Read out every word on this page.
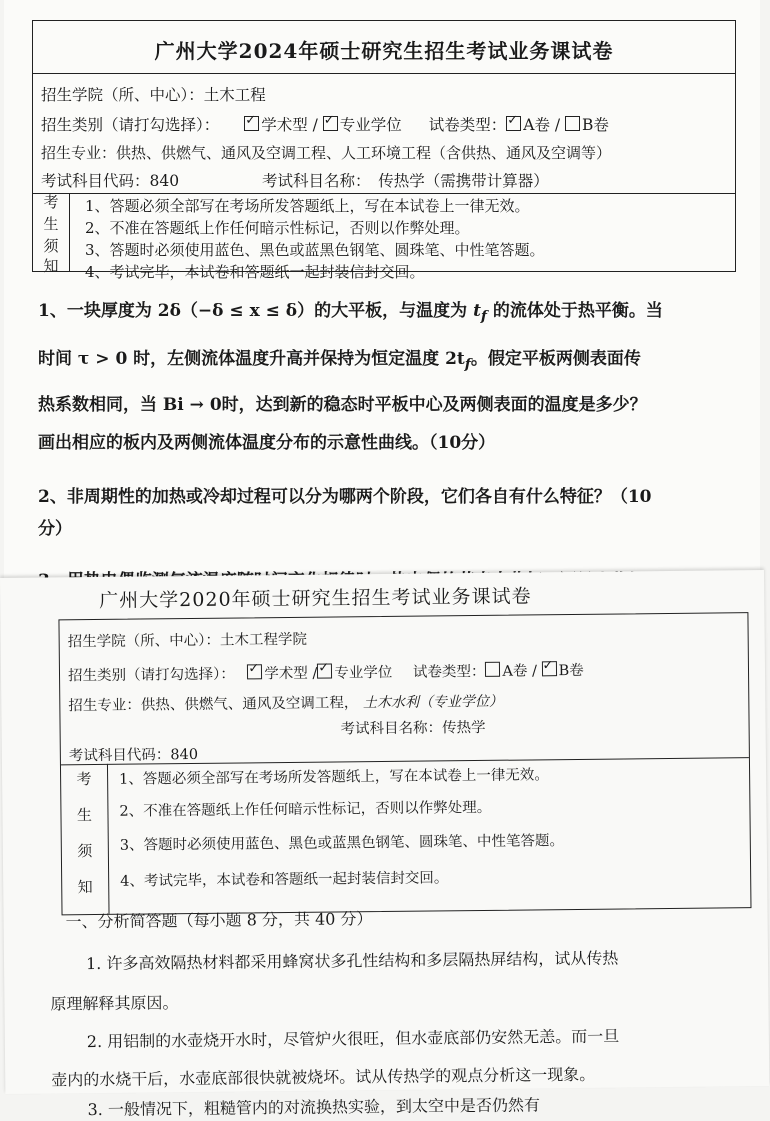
广州大学2024年硕士研究生招生考试业务课试卷
招生学院（所、中心）：土木工程
招生类别（请打勾选择）： ✓	学术型 / ✓专业学位 试卷类型： ✓ A卷 / B卷
招生专业：供热、供燃气、通风及空调工程、人工环境工程（含供热、通风及空调等）
考试科目代码：840	考试科目名称：　传热学（需携带计算器）
考
生
须
知
1、答题必须全部写在考场所发答题纸上，写在本试卷上一律无效。
2、不准在答题纸上作任何暗示性标记，否则以作弊处理。
3、答题时必须使用蓝色、黑色或蓝黑色钢笔、圆珠笔、中性笔答题。
4、考试完毕，本试卷和答题纸一起封装信封交回。
1、一块厚度为 2δ（−δ ≤ x ≤ δ）的大平板，与温度为 $t_f$ 的流体处于热平衡。当
时间 τ > 0 时，左侧流体温度升高并保持为恒定温度 $2t_f$。假定平板两侧表面传
热系数相同，当 Bi → 0时，达到新的稳态时平板中心及两侧表面的温度是多少？
画出相应的板内及两侧流体温度分布的示意性曲线。（10分）
2、非周期性的加热或冷却过程可以分为哪两个阶段，它们各自有什么特征？（10
分）
广州大学2020年硕士研究生招生考试业务课试卷
招生学院（所、中心）：土木工程学院
招生类别（请打勾选择）： ✓ 学术型 / ✓ 专业学位 试卷类型： A卷 / ✓B卷
招生专业：供热、供燃气、通风及空调工程， 土木水利（专业学位）
考试科目名称：传热学
考试科目代码：840
考
生
须
知
1、答题必须全部写在考场所发答题纸上，写在本试卷上一律无效。
2、不准在答题纸上作任何暗示性标记，否则以作弊处理。
3、答题时必须使用蓝色、黑色或蓝黑色钢笔、圆珠笔、中性笔答题。
4、考试完毕，本试卷和答题纸一起封装信封交回。
一、分析简答题（每小题 8 分，共 40 分）
1. 许多高效隔热材料都采用蜂窝状多孔性结构和多层隔热屏结构，试从传热
原理解释其原因。
2. 用铝制的水壶烧开水时，尽管炉火很旺，但水壶底部仍安然无恙。而一旦
壶内的水烧干后，水壶底部很快就被烧坏。试从传热学的观点分析这一现象。
3. 一般情况下，粗糙管内的对流换热实验，到太空中是否仍然有
